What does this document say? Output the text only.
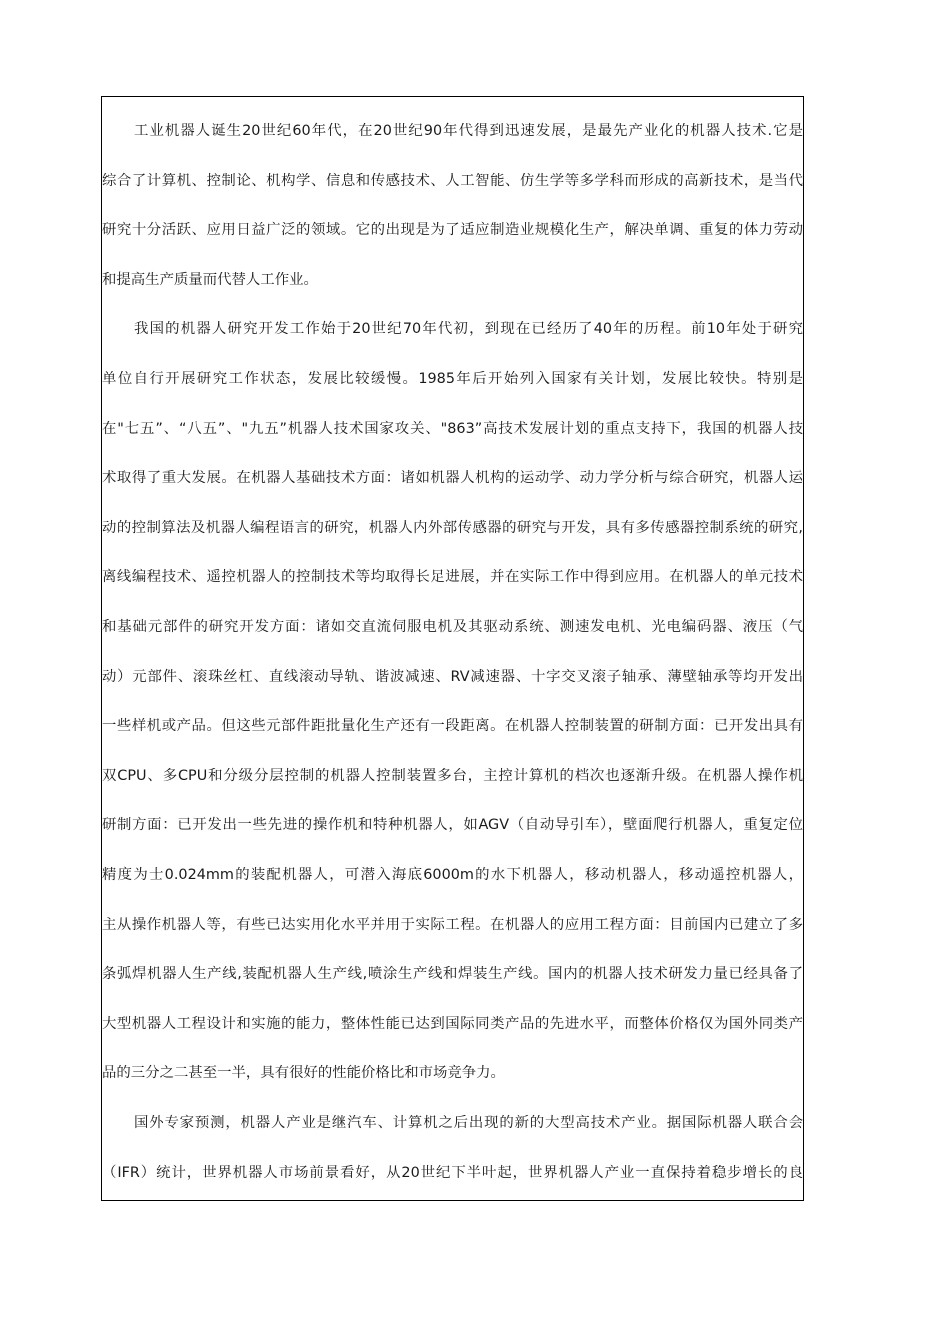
工业机器人诞生20世纪60年代，在20世纪90年代得到迅速发展，是最先产业化的机器人技术.它是
综合了计算机、控制论、机构学、信息和传感技术、人工智能、仿生学等多学科而形成的高新技术，是当代
研究十分活跃、应用日益广泛的领域。它的出现是为了适应制造业规模化生产，解决单调、重复的体力劳动
和提高生产质量而代替人工作业。
我国的机器人研究开发工作始于20世纪70年代初，到现在已经历了40年的历程。前10年处于研究
单位自行开展研究工作状态，发展比较缓慢。1985年后开始列入国家有关计划，发展比较快。特别是
在"七五”、“八五”、"九五”机器人技术国家攻关、"863”高技术发展计划的重点支持下，我国的机器人技
术取得了重大发展。在机器人基础技术方面：诸如机器人机构的运动学、动力学分析与综合研究，机器人运
动的控制算法及机器人编程语言的研究，机器人内外部传感器的研究与开发，具有多传感器控制系统的研究,
离线编程技术、遥控机器人的控制技术等均取得长足进展，并在实际工作中得到应用。在机器人的单元技术
和基础元部件的研究开发方面：诸如交直流伺服电机及其驱动系统、测速发电机、光电编码器、液压（气
动）元部件、滚珠丝杠、直线滚动导轨、谐波减速、RV减速器、十字交叉滚子轴承、薄壁轴承等均开发出
一些样机或产品。但这些元部件距批量化生产还有一段距离。在机器人控制装置的研制方面：已开发出具有
双CPU、多CPU和分级分层控制的机器人控制装置多台，主控计算机的档次也逐渐升级。在机器人操作机
研制方面：已开发出一些先进的操作机和特种机器人，如AGV（自动导引车），壁面爬行机器人，重复定位
精度为士0.024mm的装配机器人，可潜入海底6000m的水下机器人，移动机器人，移动遥控机器人，
主从操作机器人等，有些已达实用化水平并用于实际工程。在机器人的应用工程方面：目前国内已建立了多
条弧焊机器人生产线,装配机器人生产线,喷涂生产线和焊装生产线。国内的机器人技术研发力量已经具备了
大型机器人工程设计和实施的能力，整体性能已达到国际同类产品的先进水平，而整体价格仅为国外同类产
品的三分之二甚至一半，具有很好的性能价格比和市场竞争力。
国外专家预测，机器人产业是继汽车、计算机之后出现的新的大型高技术产业。据国际机器人联合会
（IFR）统计，世界机器人市场前景看好，从20世纪下半叶起，世界机器人产业一直保持着稳步增长的良
